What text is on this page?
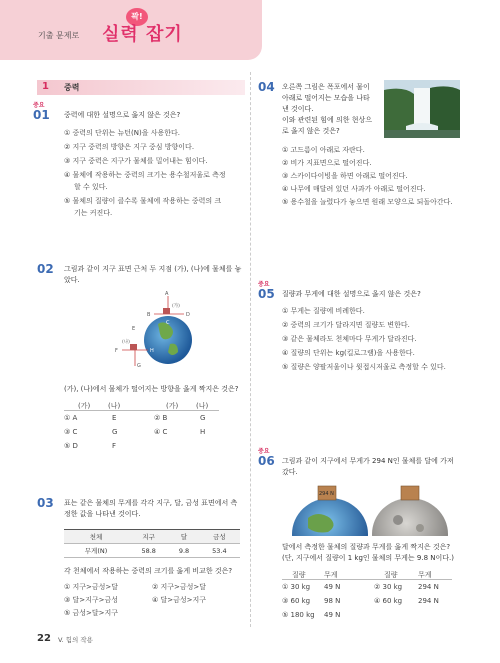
기출 문제로
꽉!
실력 잡기
1 중력
중요
01 중력에 대한 설명으로 옳지 않은 것은?
① 중력의 단위는 뉴턴(N)을 사용한다.
② 지구 중력의 방향은 지구 중심 방향이다.
③ 지구 중력은 지구가 물체를 밀어내는 힘이다.
④ 물체에 작용하는 중력의 크기는 용수철저울로 측정
할 수 있다.
⑤ 물체의 질량이 클수록 물체에 작용하는 중력의 크
기는 커진다.
02 그림과 같이 지구 표면 근처 두 지점 (가), (나)에 물체를 놓
았다.
A
B
(가)
D
C
E
(나)
F	H
G
(가), (나)에서 물체가 떨어지는 방향을 옳게 짝지은 것은?
(가)	(나)	(가)	(나)
① A	E	② B	G
③ C	G	④ C	H
⑤ D	F
03 표는 같은 물체의 무게를 각각 지구, 달, 금성 표면에서 측
정한 값을 나타낸 것이다.
천체	지구	달	금성
무게(N)	58.8	9.8	53.4
각 천체에서 작용하는 중력의 크기를 옳게 비교한 것은?
① 지구>금성>달	② 지구>금성>달
③ 달>지구>금성	④ 달>금성>지구
⑤ 금성>달>지구
04 오른쪽 그림은 폭포에서 물이
아래로 떨어지는 모습을 나타
낸 것이다.
이와 관련된 힘에 의한 현상으
로 옳지 않은 것은?
① 고드름이 아래로 자란다.
② 비가 지표면으로 떨어진다.
③ 스카이다이빙을 하면 아래로 떨어진다.
④ 나무에 매달려 있던 사과가 아래로 떨어진다.
⑤ 용수철을 늘렸다가 놓으면 원래 모양으로 되돌아간다.
중요
05 질량과 무게에 대한 설명으로 옳지 않은 것은?
① 무게는 질량에 비례한다.
② 중력의 크기가 달라지면 질량도 변한다.
③ 같은 물체라도 천체마다 무게가 달라진다.
④ 질량의 단위는 kg(킬로그램)을 사용한다.
⑤ 질량은 양팔저울이나 윗접시저울로 측정할 수 있다.
중요
06 그림과 같이 지구에서 무게가 294 N인 물체를 달에 가져
갔다.
294 N
달에서 측정한 물체의 질량과 무게를 옳게 짝지은 것은?
(단, 지구에서 질량이 1 kg인 물체의 무게는 9.8 N이다.)
질량	무게	질량	무게
① 30 kg 49 N	② 30 kg 294 N
③ 60 kg 98 N	④ 60 kg 294 N
⑤ 180 kg 49 N
22 V. 힘의 작용
